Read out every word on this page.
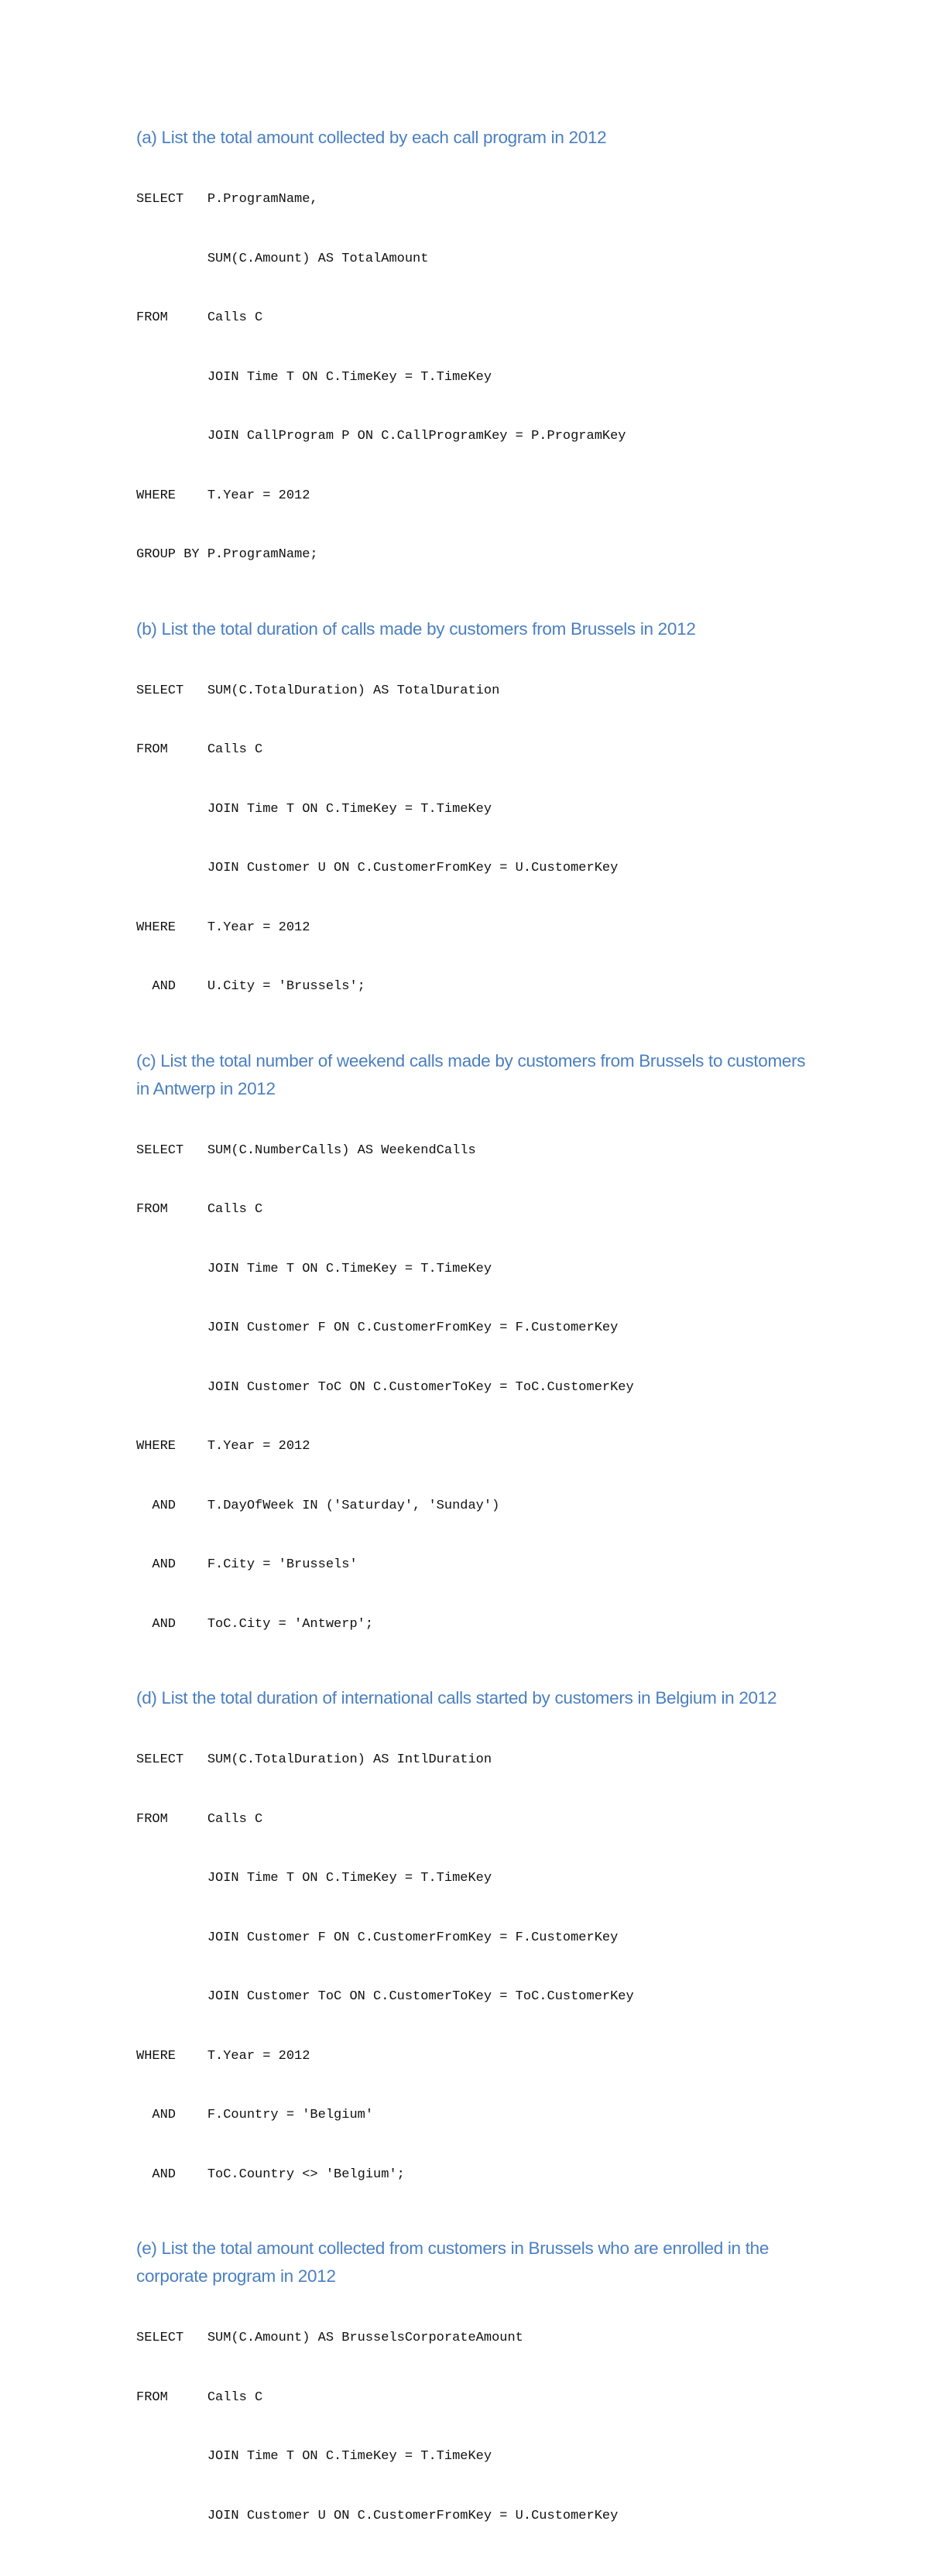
(a) List the total amount collected by each call program in 2012

SELECT   P.ProgramName,

SUM(C.Amount) AS TotalAmount

FROM     Calls C

JOIN Time T ON C.TimeKey = T.TimeKey

JOIN CallProgram P ON C.CallProgramKey = P.ProgramKey

WHERE    T.Year = 2012

GROUP BY P.ProgramName;

(b) List the total duration of calls made by customers from Brussels in 2012

SELECT   SUM(C.TotalDuration) AS TotalDuration

FROM     Calls C

JOIN Time T ON C.TimeKey = T.TimeKey

JOIN Customer U ON C.CustomerFromKey = U.CustomerKey

WHERE    T.Year = 2012

AND    U.City = 'Brussels';

(c) List the total number of weekend calls made by customers from Brussels to customers in Antwerp in 2012

SELECT   SUM(C.NumberCalls) AS WeekendCalls

FROM     Calls C

JOIN Time T ON C.TimeKey = T.TimeKey

JOIN Customer F ON C.CustomerFromKey = F.CustomerKey

JOIN Customer ToC ON C.CustomerToKey = ToC.CustomerKey

WHERE    T.Year = 2012

AND    T.DayOfWeek IN ('Saturday', 'Sunday')

AND    F.City = 'Brussels'

AND    ToC.City = 'Antwerp';

(d) List the total duration of international calls started by customers in Belgium in 2012

SELECT   SUM(C.TotalDuration) AS IntlDuration

FROM     Calls C

JOIN Time T ON C.TimeKey = T.TimeKey

JOIN Customer F ON C.CustomerFromKey = F.CustomerKey

JOIN Customer ToC ON C.CustomerToKey = ToC.CustomerKey

WHERE    T.Year = 2012

AND    F.Country = 'Belgium'

AND    ToC.Country <> 'Belgium';

(e) List the total amount collected from customers in Brussels who are enrolled in the corporate program in 2012

SELECT   SUM(C.Amount) AS BrusselsCorporateAmount

FROM     Calls C

JOIN Time T ON C.TimeKey = T.TimeKey

JOIN Customer U ON C.CustomerFromKey = U.CustomerKey
